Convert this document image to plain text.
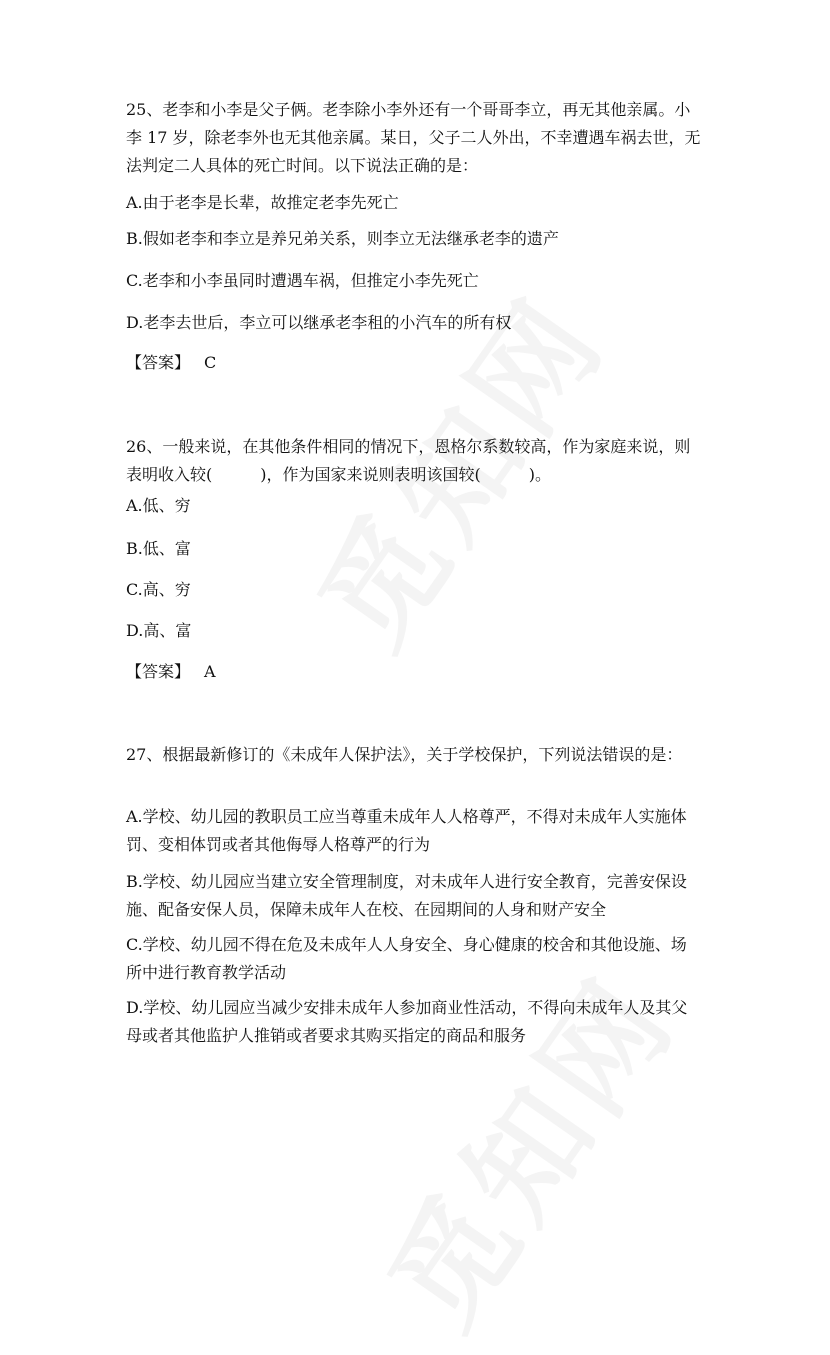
25、老李和小李是父子俩。老李除小李外还有一个哥哥李立，再无其他亲属。小李 17 岁，除老李外也无其他亲属。某日，父子二人外出，不幸遭遇车祸去世，无法判定二人具体的死亡时间。以下说法正确的是：

A.由于老李是长辈，故推定老李先死亡

B.假如老李和李立是养兄弟关系，则李立无法继承老李的遗产

C.老李和小李虽同时遭遇车祸，但推定小李先死亡

D.老李去世后，李立可以继承老李租的小汽车的所有权

【答案】 C

26、一般来说，在其他条件相同的情况下，恩格尔系数较高，作为家庭来说，则表明收入较(　　　)，作为国家来说则表明该国较(　　　)。

A.低、穷

B.低、富

C.高、穷

D.高、富

【答案】 A

27、根据最新修订的《未成年人保护法》，关于学校保护，下列说法错误的是：

A.学校、幼儿园的教职员工应当尊重未成年人人格尊严，不得对未成年人实施体罚、变相体罚或者其他侮辱人格尊严的行为

B.学校、幼儿园应当建立安全管理制度，对未成年人进行安全教育，完善安保设施、配备安保人员，保障未成年人在校、在园期间的人身和财产安全

C.学校、幼儿园不得在危及未成年人人身安全、身心健康的校舍和其他设施、场所中进行教育教学活动

D.学校、幼儿园应当减少安排未成年人参加商业性活动，不得向未成年人及其父母或者其他监护人推销或者要求其购买指定的商品和服务
